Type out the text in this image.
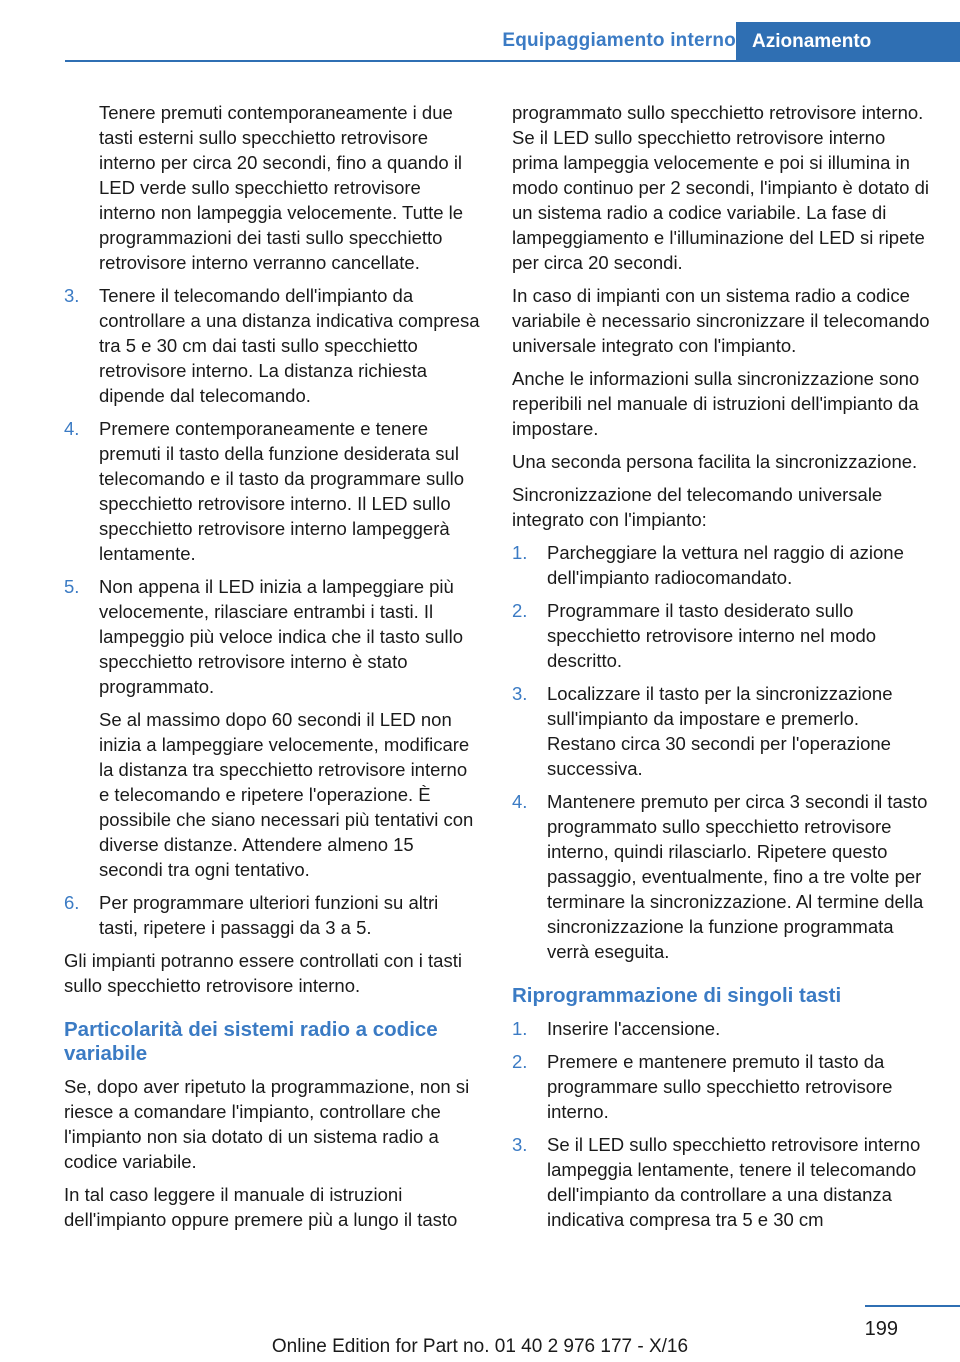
Equipaggiamento interno Azionamento

Tenere premuti contemporaneamente i due tasti esterni sullo specchietto retrovisore interno per circa 20 secondi, fino a quando il LED verde sullo specchietto retrovisore interno non lampeggia velocemente. Tutte le programmazioni dei tasti sullo specchietto retrovisore interno verranno cancellate.

3. Tenere il telecomando dell'impianto da controllare a una distanza indicativa compresa tra 5 e 30 cm dai tasti sullo specchietto retrovisore interno. La distanza richiesta dipende dal telecomando.

4. Premere contemporaneamente e tenere premuti il tasto della funzione desiderata sul telecomando e il tasto da programmare sullo specchietto retrovisore interno. Il LED sullo specchietto retrovisore interno lampeggerà lentamente.

5. Non appena il LED inizia a lampeggiare più velocemente, rilasciare entrambi i tasti. Il lampeggio più veloce indica che il tasto sullo specchietto retrovisore interno è stato programmato.

Se al massimo dopo 60 secondi il LED non inizia a lampeggiare velocemente, modificare la distanza tra specchietto retrovisore interno e telecomando e ripetere l'operazione. È possibile che siano necessari più tentativi con diverse distanze. Attendere almeno 15 secondi tra ogni tentativo.

6. Per programmare ulteriori funzioni su altri tasti, ripetere i passaggi da 3 a 5.

Gli impianti potranno essere controllati con i tasti sullo specchietto retrovisore interno.

Particolarità dei sistemi radio a codice variabile

Se, dopo aver ripetuto la programmazione, non si riesce a comandare l'impianto, controllare che l'impianto non sia dotato di un sistema radio a codice variabile.

In tal caso leggere il manuale di istruzioni dell'impianto oppure premere più a lungo il tasto

programmato sullo specchietto retrovisore interno. Se il LED sullo specchietto retrovisore interno prima lampeggia velocemente e poi si illumina in modo continuo per 2 secondi, l'impianto è dotato di un sistema radio a codice variabile. La fase di lampeggiamento e l'illuminazione del LED si ripete per circa 20 secondi.

In caso di impianti con un sistema radio a codice variabile è necessario sincronizzare il telecomando universale integrato con l'impianto.

Anche le informazioni sulla sincronizzazione sono reperibili nel manuale di istruzioni dell'impianto da impostare.

Una seconda persona facilita la sincronizzazione.

Sincronizzazione del telecomando universale integrato con l'impianto:

1. Parcheggiare la vettura nel raggio di azione dell'impianto radiocomandato.
2. Programmare il tasto desiderato sullo specchietto retrovisore interno nel modo descritto.
3. Localizzare il tasto per la sincronizzazione sull'impianto da impostare e premerlo. Restano circa 30 secondi per l'operazione successiva.
4. Mantenere premuto per circa 3 secondi il tasto programmato sullo specchietto retrovisore interno, quindi rilasciarlo. Ripetere questo passaggio, eventualmente, fino a tre volte per terminare la sincronizzazione. Al termine della sincronizzazione la funzione programmata verrà eseguita.
Riprogrammazione di singoli tasti
1. Inserire l'accensione.
2. Premere e mantenere premuto il tasto da programmare sullo specchietto retrovisore interno.
3. Se il LED sullo specchietto retrovisore interno lampeggia lentamente, tenere il telecomando dell'impianto da controllare a una distanza indicativa compresa tra 5 e 30 cm
199
Online Edition for Part no. 01 40 2 976 177 - X/16
